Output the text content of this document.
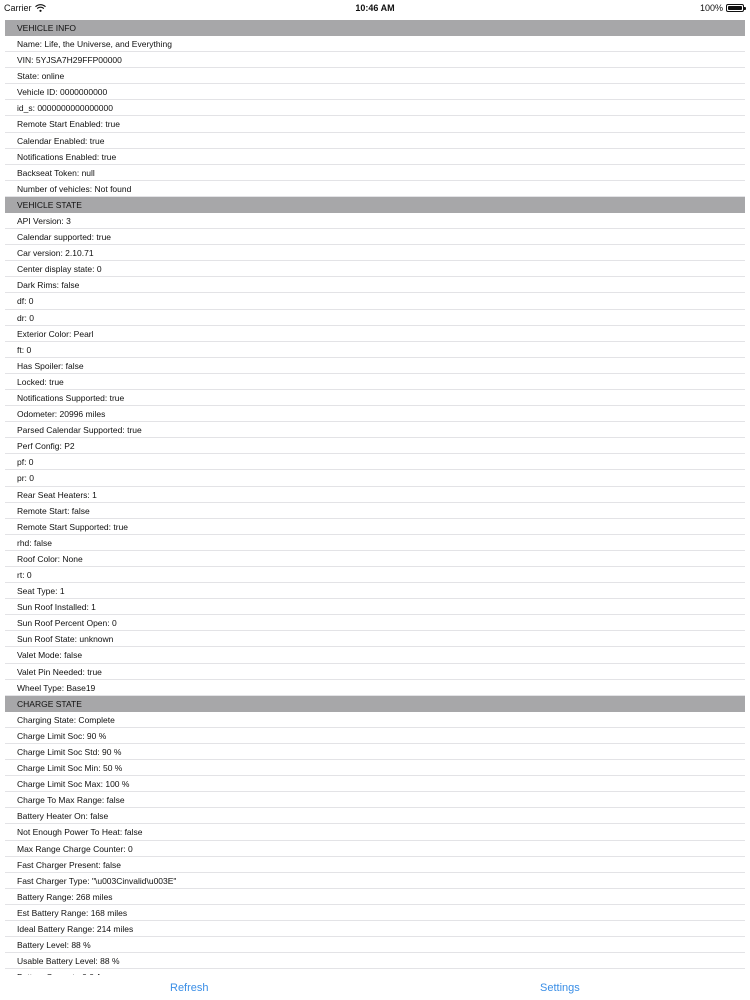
Carrier	10:46 AM	100%
VEHICLE INFO
Name: Life, the Universe, and Everything
VIN: 5YJSA7H29FFP00000
State: online
Vehicle ID: 0000000000
id_s: 0000000000000000
Remote Start Enabled: true
Calendar Enabled: true
Notifications Enabled: true
Backseat Token: null
Number of vehicles: Not found
VEHICLE STATE
API Version: 3
Calendar supported: true
Car version: 2.10.71
Center display state: 0
Dark Rims: false
df: 0
dr: 0
Exterior Color: Pearl
ft: 0
Has Spoiler: false
Locked: true
Notifications Supported: true
Odometer: 20996 miles
Parsed Calendar Supported: true
Perf Config: P2
pf: 0
pr: 0
Rear Seat Heaters: 1
Remote Start: false
Remote Start Supported: true
rhd: false
Roof Color: None
rt: 0
Seat Type: 1
Sun Roof Installed: 1
Sun Roof Percent Open: 0
Sun Roof State: unknown
Valet Mode: false
Valet Pin Needed: true
Wheel Type: Base19
CHARGE STATE
Charging State: Complete
Charge Limit Soc: 90 %
Charge Limit Soc Std: 90 %
Charge Limit Soc Min: 50 %
Charge Limit Soc Max: 100 %
Charge To Max Range: false
Battery Heater On: false
Not Enough Power To Heat: false
Max Range Charge Counter: 0
Fast Charger Present: false
Fast Charger Type: "\u003Cinvalid\u003E"
Battery Range: 268 miles
Est Battery Range: 168 miles
Ideal Battery Range: 214 miles
Battery Level: 88 %
Usable Battery Level: 88 %
Refresh	Settings
